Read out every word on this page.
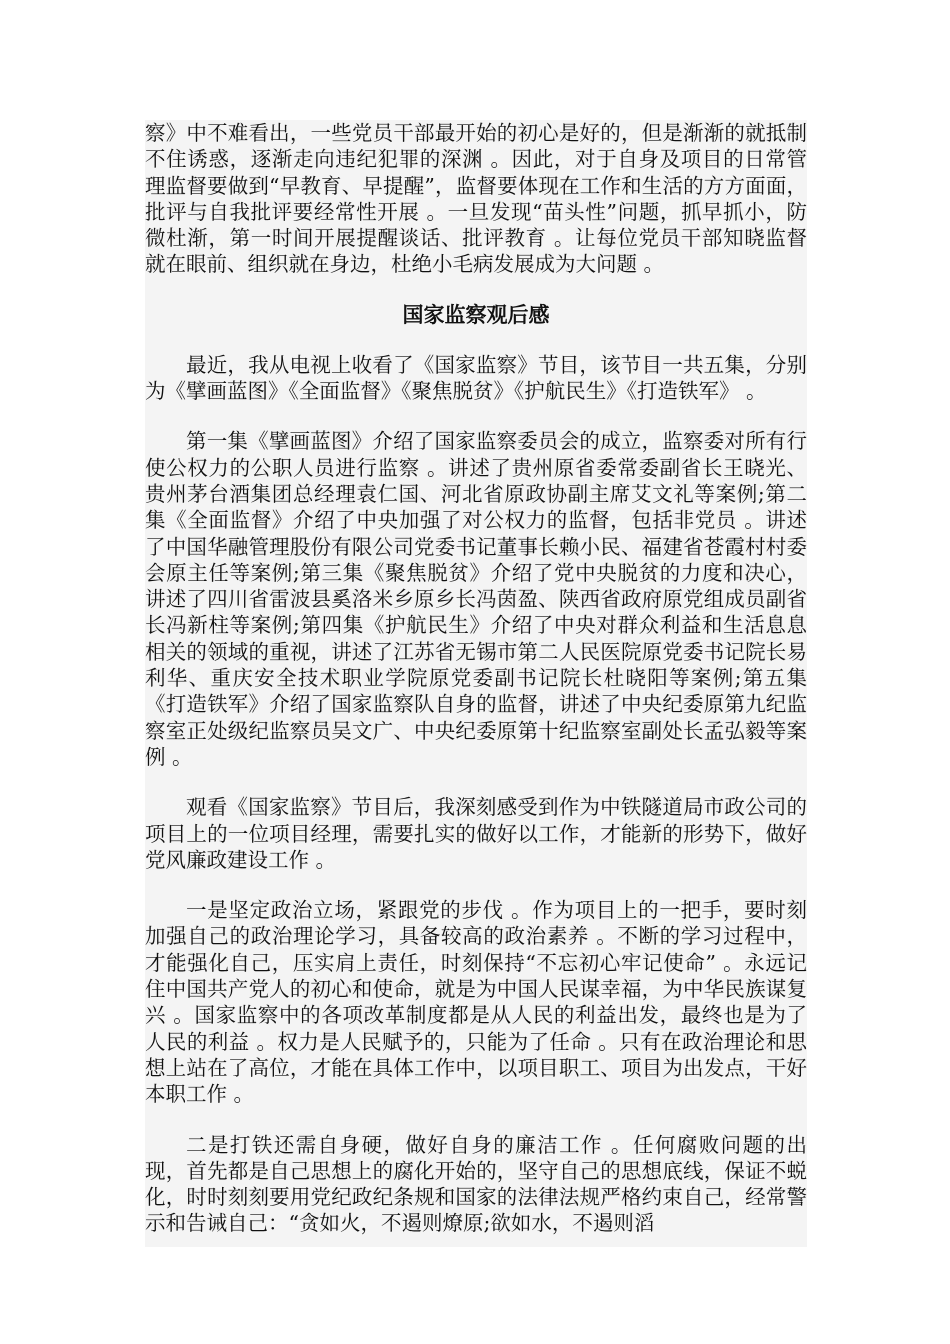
察》中不难看出，一些党员干部最开始的初心是好的，但是渐渐的就抵制不住诱惑，逐渐走向违纪犯罪的深渊 。因此，对于自身及项目的日常管理监督要做到“早教育、早提醒”，监督要体现在工作和生活的方方面面，批评与自我批评要经常性开展 。一旦发现“苗头性”问题，抓早抓小，防微杜渐，第一时间开展提醒谈话、批评教育 。让每位党员干部知晓监督就在眼前、组织就在身边，杜绝小毛病发展成为大问题 。

国家监察观后感

最近，我从电视上收看了《国家监察》节目，该节目一共五集，分别为《擘画蓝图》《全面监督》《聚焦脱贫》《护航民生》《打造铁军》 。

第一集《擘画蓝图》介绍了国家监察委员会的成立，监察委对所有行使公权力的公职人员进行监察 。讲述了贵州原省委常委副省长王晓光、贵州茅台酒集团总经理袁仁国、河北省原政协副主席艾文礼等案例;第二集《全面监督》介绍了中央加强了对公权力的监督，包括非党员 。讲述了中国华融管理股份有限公司党委书记董事长赖小民、福建省苍霞村村委会原主任等案例;第三集《聚焦脱贫》介绍了党中央脱贫的力度和决心，讲述了四川省雷波县奚洛米乡原乡长冯茵盈、陕西省政府原党组成员副省长冯新柱等案例;第四集《护航民生》介绍了中央对群众利益和生活息息相关的领域的重视，讲述了江苏省无锡市第二人民医院原党委书记院长易利华、重庆安全技术职业学院原党委副书记院长杜晓阳等案例;第五集《打造铁军》介绍了国家监察队自身的监督，讲述了中央纪委原第九纪监察室正处级纪监察员吴文广、中央纪委原第十纪监察室副处长孟弘毅等案例 。

观看《国家监察》节目后，我深刻感受到作为中铁隧道局市政公司的项目上的一位项目经理，需要扎实的做好以工作，才能新的形势下，做好党风廉政建设工作 。

一是坚定政治立场，紧跟党的步伐 。作为项目上的一把手，要时刻加强自己的政治理论学习，具备较高的政治素养 。不断的学习过程中，才能强化自己，压实肩上责任，时刻保持“不忘初心牢记使命” 。永远记住中国共产党人的初心和使命，就是为中国人民谋幸福，为中华民族谋复兴 。国家监察中的各项改革制度都是从人民的利益出发，最终也是为了人民的利益 。权力是人民赋予的，只能为了任命 。只有在政治理论和思想上站在了高位，才能在具体工作中，以项目职工、项目为出发点，干好本职工作 。

二是打铁还需自身硬，做好自身的廉洁工作 。任何腐败问题的出现，首先都是自己思想上的腐化开始的，坚守自己的思想底线，保证不蜕化，时时刻刻要用党纪政纪条规和国家的法律法规严格约束自己，经常警示和告诫自己：“贪如火，不遏则燎原;欲如水，不遏则滔
